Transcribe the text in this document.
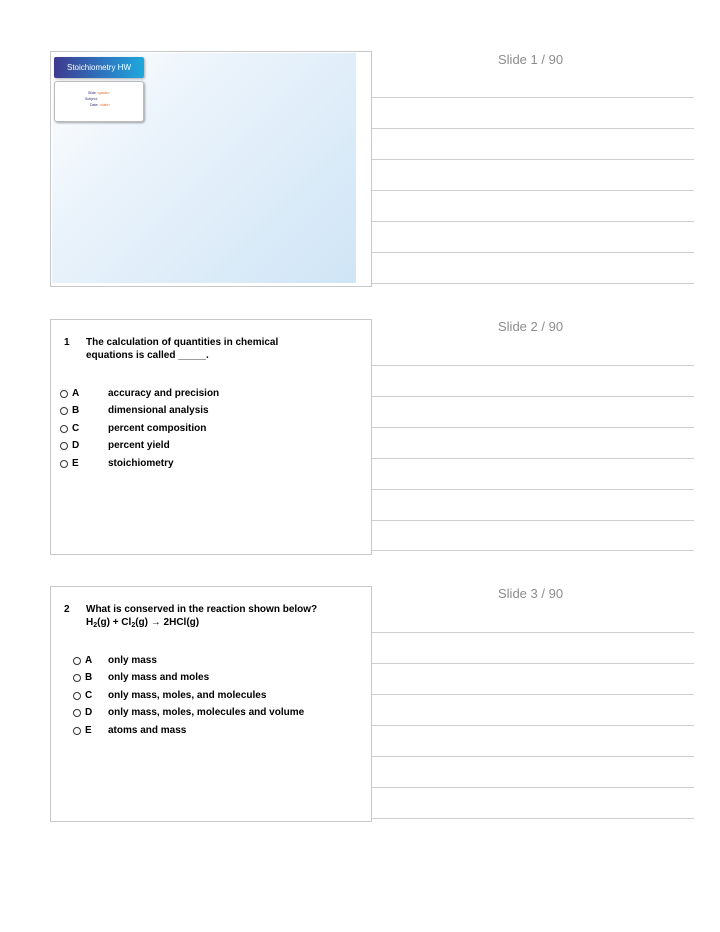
Stoichiometry HW
Slide <grade>
Subject:
Date: <date>
Slide 1 / 90
1 The calculation of quantities in chemical
equations is called _____.
A	accuracy and precision
B	dimensional analysis
C	percent composition
D	percent yield
E	stoichiometry
Slide 2 / 90
2 What is conserved in the reaction shown below?
$H_2(g) + Cl_2(g) \to 2HCl(g)$
A only mass
B only mass and moles
C only mass, moles, and molecules
D only mass, moles, molecules and volume
E atoms and mass
Slide 3 / 90
